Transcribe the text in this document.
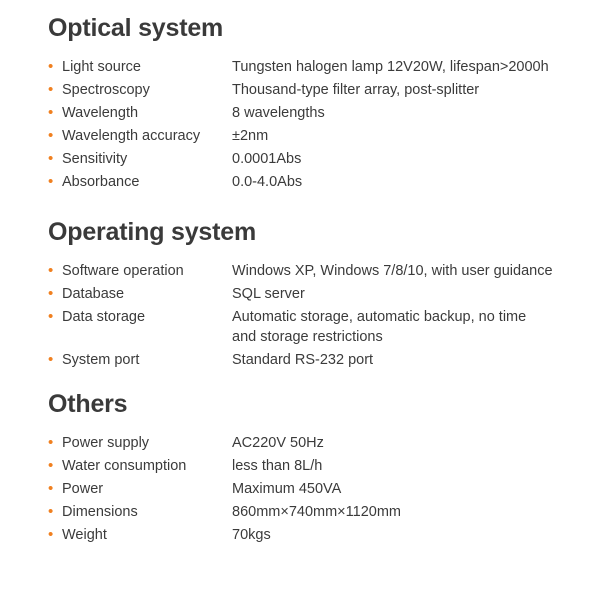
Optical system
• Light source	Tungsten halogen lamp 12V20W, lifespan>2000h
• Spectroscopy	Thousand-type filter array, post-splitter
• Wavelength	8 wavelengths
• Wavelength accuracy	±2nm
• Sensitivity	0.0001Abs
• Absorbance	0.0-4.0Abs
Operating system
• Software operation	Windows XP, Windows 7/8/10, with user guidance
• Database	SQL server
• Data storage	Automatic storage, automatic backup, no time
and storage restrictions
• System port	Standard RS-232 port
Others
• Power supply	AC220V 50Hz
• Water consumption	less than 8L/h
• Power	Maximum 450VA
• Dimensions	860mm×740mm×1120mm
• Weight	70kgs
